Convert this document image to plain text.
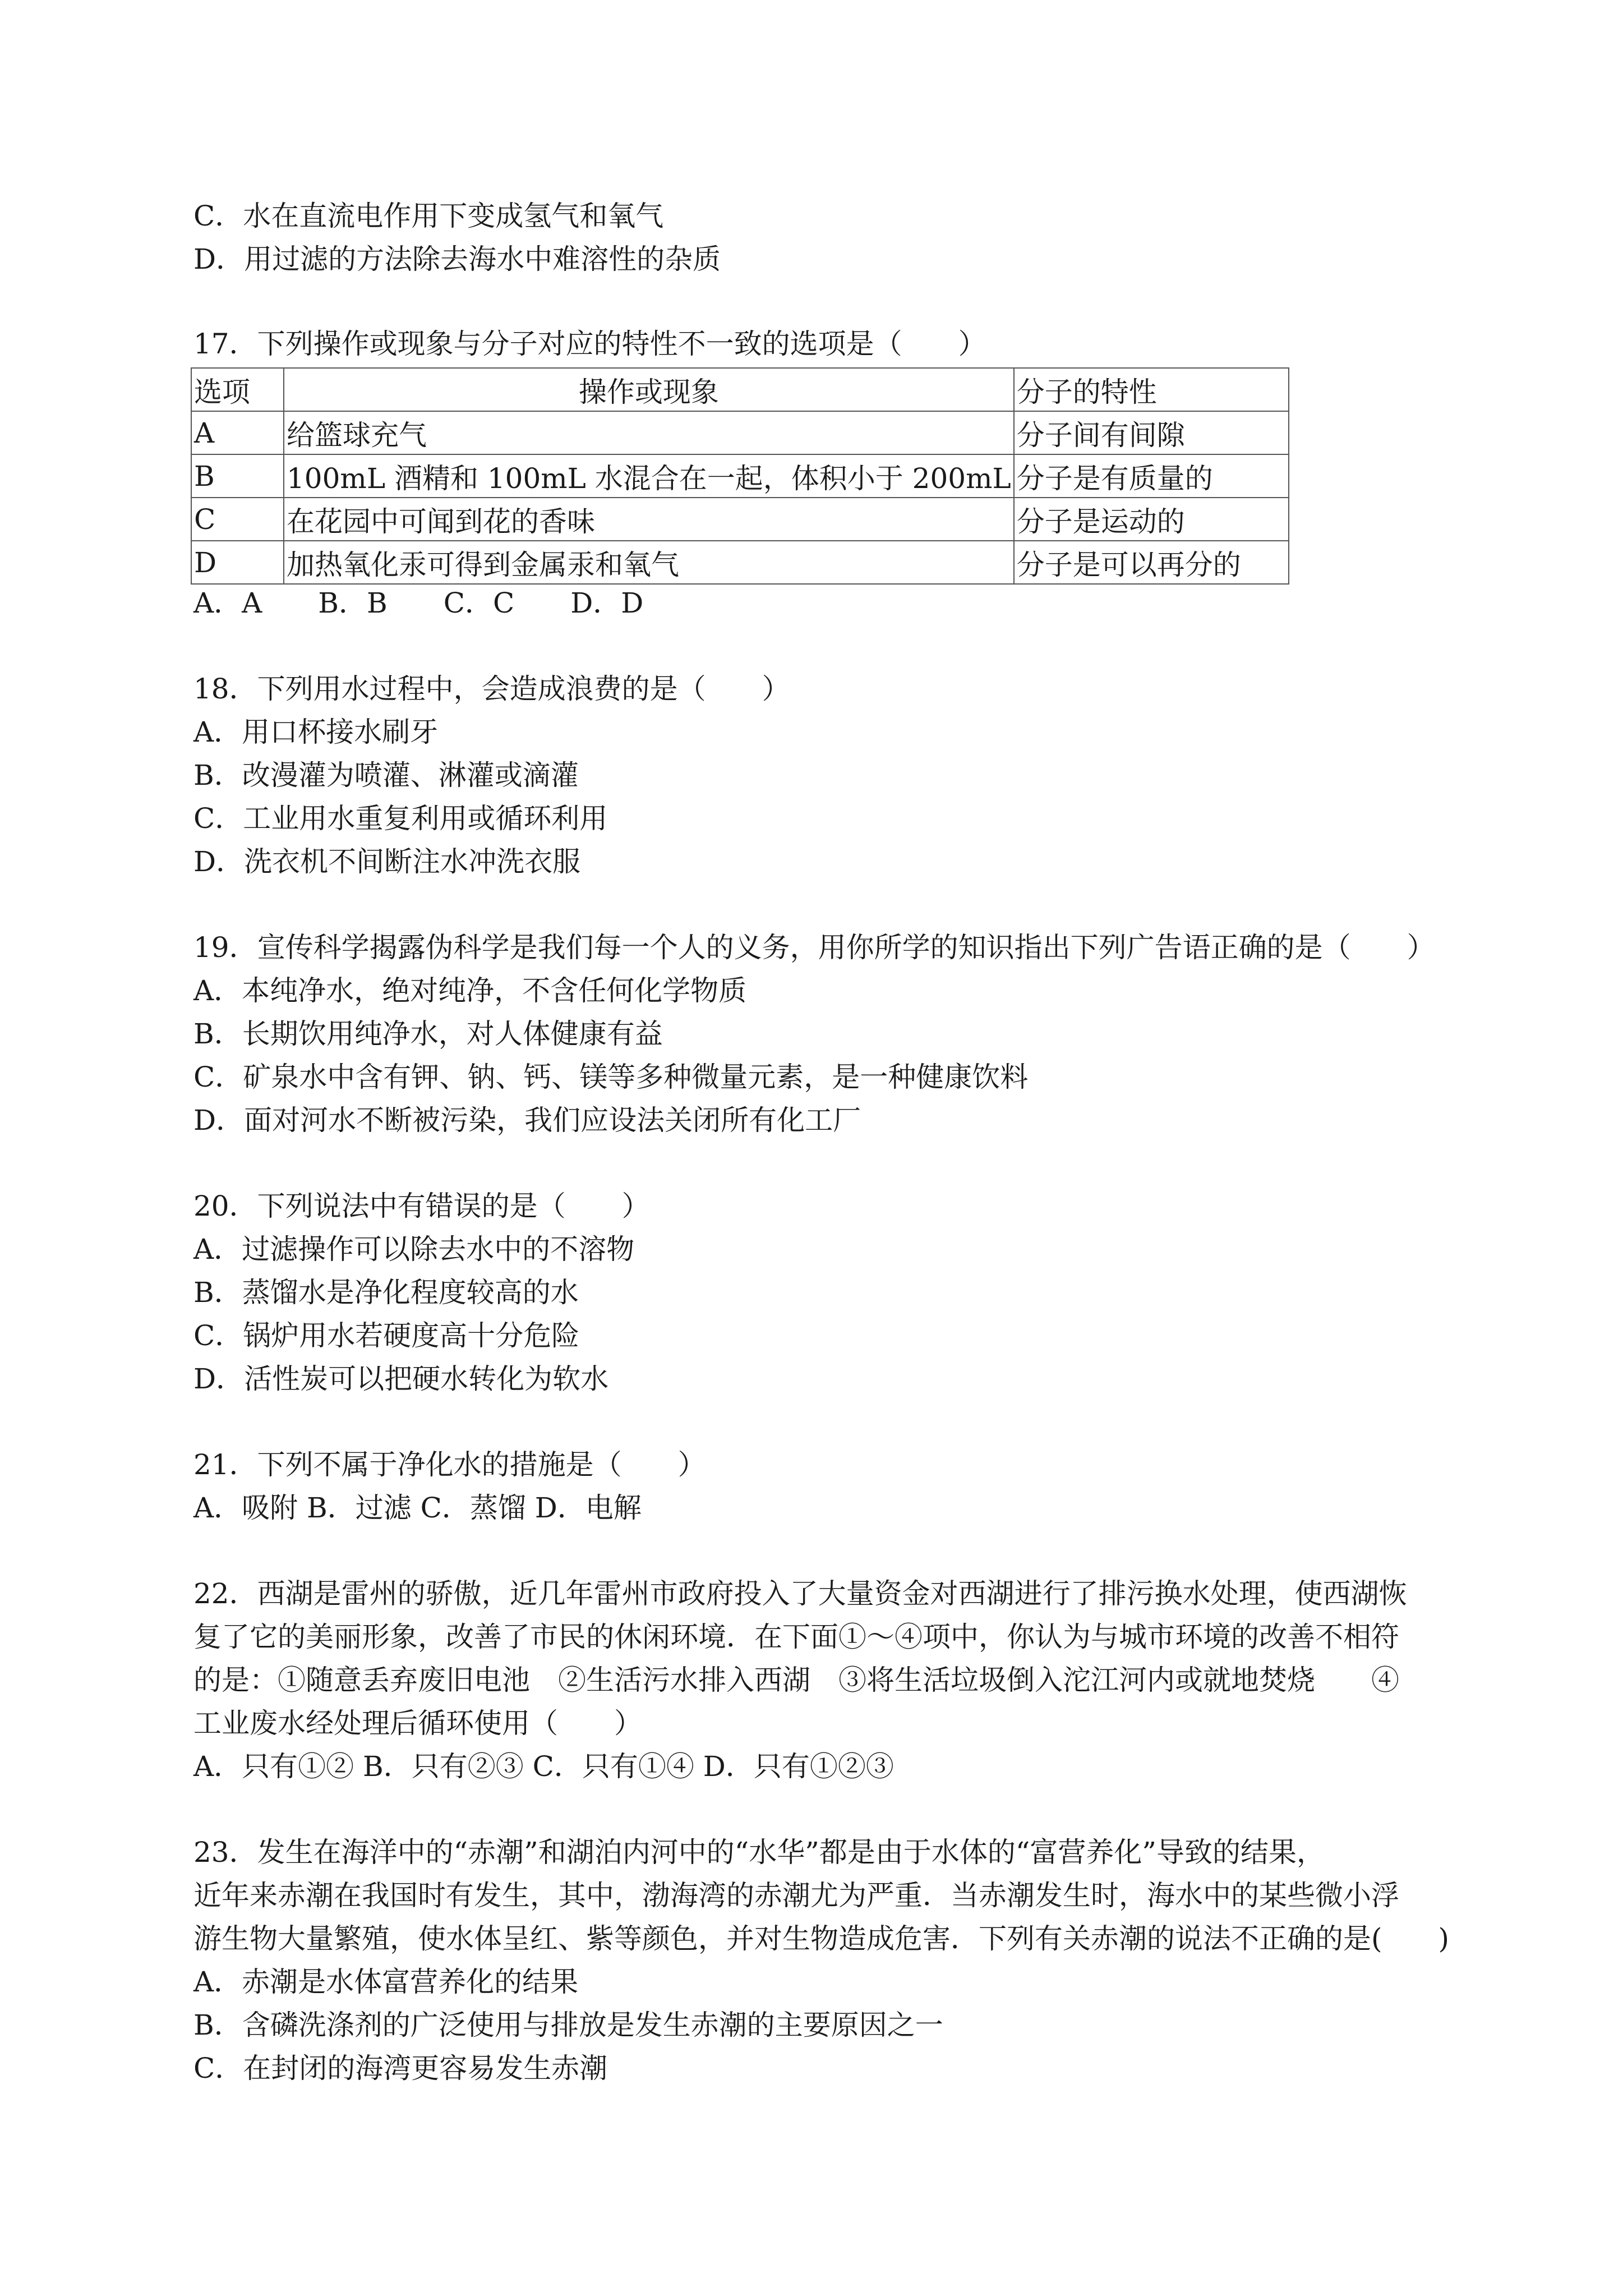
C．水在直流电作用下变成氢气和氧气
D．用过滤的方法除去海水中难溶性的杂质
17．下列操作或现象与分子对应的特性不一致的选项是（　　）
选项	操作或现象	分子的特性
A	给篮球充气	分子间有间隙
B	100mL 酒精和 100mL 水混合在一起，体积小于 200mL	分子是有质量的
C	在花园中可闻到花的香味	分子是运动的
D	加热氧化汞可得到金属汞和氧气	分子是可以再分的
A．A　　B．B　　C．C　　D．D
18．下列用水过程中，会造成浪费的是（　　）
A．用口杯接水刷牙
B．改漫灌为喷灌、淋灌或滴灌
C．工业用水重复利用或循环利用
D．洗衣机不间断注水冲洗衣服
19．宣传科学揭露伪科学是我们每一个人的义务，用你所学的知识指出下列广告语正确的是（　　）
A．本纯净水，绝对纯净，不含任何化学物质
B．长期饮用纯净水，对人体健康有益
C．矿泉水中含有钾、钠、钙、镁等多种微量元素，是一种健康饮料
D．面对河水不断被污染，我们应设法关闭所有化工厂
20．下列说法中有错误的是（　　）
A．过滤操作可以除去水中的不溶物
B．蒸馏水是净化程度较高的水
C．锅炉用水若硬度高十分危险
D．活性炭可以把硬水转化为软水
21．下列不属于净化水的措施是（　　）
A．吸附 B．过滤 C．蒸馏 D．电解
22．西湖是雷州的骄傲，近几年雷州市政府投入了大量资金对西湖进行了排污换水处理，使西湖恢
复了它的美丽形象，改善了市民的休闲环境．在下面①～④项中，你认为与城市环境的改善不相符
的是：①随意丢弃废旧电池　②生活污水排入西湖　③将生活垃圾倒入沱江河内或就地焚烧　　④
工业废水经处理后循环使用（　　）
A．只有①② B．只有②③ C．只有①④ D．只有①②③
23．发生在海洋中的“赤潮”和湖泊内河中的“水华”都是由于水体的“富营养化”导致的结果，
近年来赤潮在我国时有发生，其中，渤海湾的赤潮尤为严重．当赤潮发生时，海水中的某些微小浮
游生物大量繁殖，使水体呈红、紫等颜色，并对生物造成危害．下列有关赤潮的说法不正确的是(　　)
A．赤潮是水体富营养化的结果
B．含磷洗涤剂的广泛使用与排放是发生赤潮的主要原因之一
C．在封闭的海湾更容易发生赤潮
